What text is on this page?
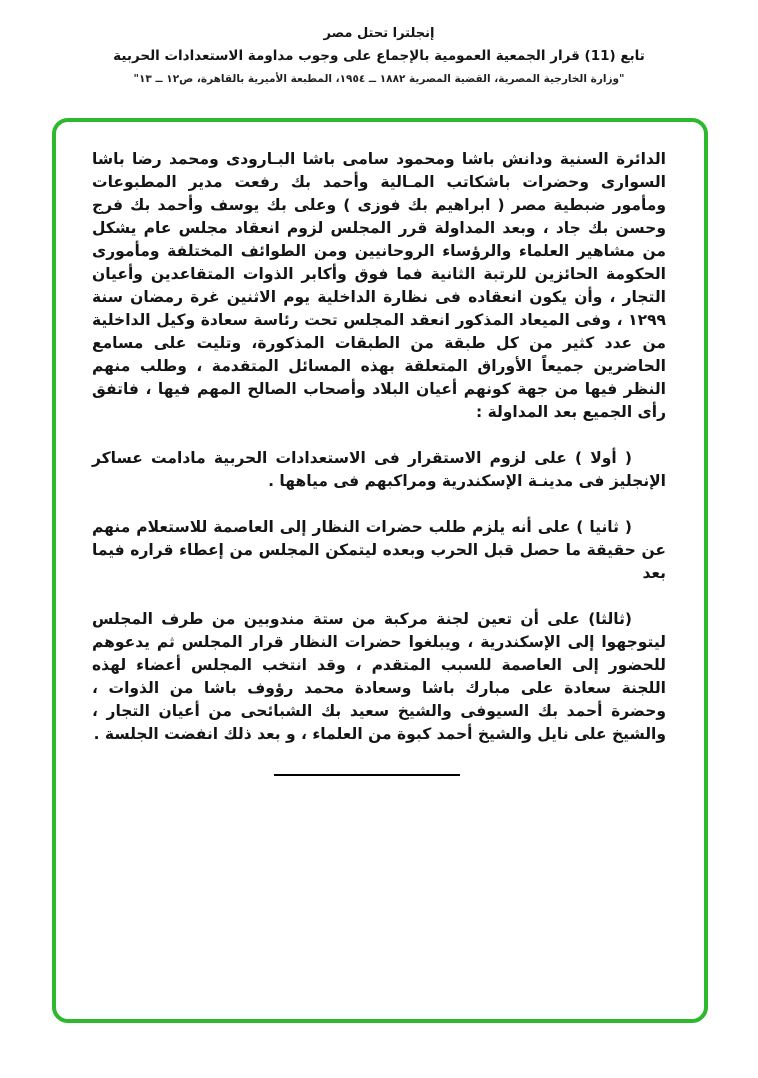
إنجلترا تحتل مصر
تابع (11) قرار الجمعية العمومية بالإجماع على وجوب مداومة الاستعدادات الحربية
"وزارة الخارجية المصرية، القضية المصرية ١٨٨٢ ــ ١٩٥٤، المطبعة الأميرية بالقاهرة، ص١٢ ــ ١٣"

الدائرة السنية ودانش باشا ومحمود سامى باشا البـارودى ومحمد رضا باشا السوارى وحضرات باشكاتب المـالية وأحمد بك رفعت مدير المطبوعات ومأمور ضبطية مصر ( ابراهيم بك فوزى ) وعلى بك يوسف وأحمد بك فرج وحسن بك جاد ، وبعد المداولة قرر المجلس لزوم انعقاد مجلس عام يشكل من مشاهير العلماء والرؤساء الروحانيين ومن الطوائف المختلفة ومأمورى الحكومة الحائزين للرتبة الثانية فما فوق وأكابر الذوات المتقاعدين وأعيان التجار ، وأن يكون انعقاده فى نظارة الداخلية يوم الاثنين غرة رمضان سنة ١٢٩٩ ، وفى الميعاد المذكور انعقد المجلس تحت رئاسة سعادة وكيل الداخلية من عدد كثير من كل طبقة من الطبقات المذكورة، وتليت على مسامع الحاضرين جميعاً الأوراق المتعلقة بهذه المسائل المتقدمة ، وطلب منهم النظر فيها من جهة كونهم أعيان البلاد وأصحاب الصالح المهم فيها ، فاتفق رأى الجميع بعد المداولة :

( أولا ) على لزوم الاستقرار فى الاستعدادات الحربية مادامت عساكر الإنجليز فى مدينـة الإسكندرية ومراكبهم فى مياهها .

( ثانيا ) على أنه يلزم طلب حضرات النظار إلى العاصمة للاستعلام منهم عن حقيقة ما حصل قبل الحرب وبعده ليتمكن المجلس من إعطاء قراره فيما بعد

(ثالثا) على أن تعين لجنة مركبة من ستة مندوبين من طرف المجلس ليتوجهوا إلى الإسكندرية ، ويبلغوا حضرات النظار قرار المجلس ثم يدعوهم للحضور إلى العاصمة للسبب المتقدم ، وقد انتخب المجلس أعضاء لهذه اللجنة سعادة على مبارك باشا وسعادة محمد رؤوف باشا من الذوات ، وحضرة أحمد بك السيوفى والشيخ سعيد بك الشبائحى من أعيان التجار ، والشيخ على نايل والشيخ أحمد كبوة من العلماء ، و بعد ذلك انفضت الجلسة .
